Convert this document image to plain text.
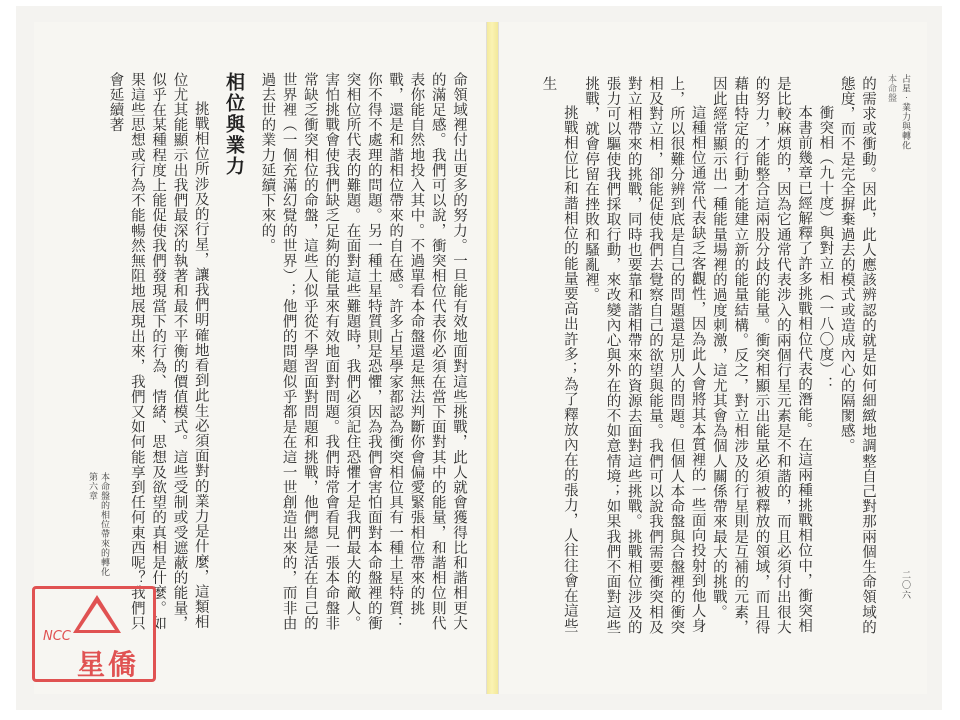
第六章 本命盤的相位帶來的轉化	命領域裡付出更多的努力。一旦能有效地面對這些挑戰，此人就會獲得比和諧相更大的滿足感。我們可以說，衝突相位代表你必須在當下面對其中的能量，和諧相位則代表你能自然地投入其中。不過單看本命盤還是無法判斷你會偏愛緊張相位帶來的挑戰，還是和諧相位帶來的自在感。許多占星學家都認為衝突相位具有一種土星特質：你不得不處理的問題。另一種土星特質則是恐懼，因為我們會害怕面對本命盤裡的衝突相位所代表的難題。在面對這些難題時，我們必須記住恐懼才是我們最大的敵人。害怕挑戰會使我們缺乏足夠的能量來有效地面對問題。我們時常會看見一張本命盤非常缺乏衝突相位的命盤，這些人似乎從不學習面對問題和挑戰，他們總是活在自己的世界裡（一個充滿幻覺的世界）；他們的問題似乎都是在這一世創造出來的，而非由過去世的業力延續下來的。

相位與業力

挑戰相位所涉及的行星，讓我們明確地看到此生必須面對的業力是什麼，這類相位尤其能顯示出我們最深的執著和最不平衡的價值模式。這些受制或受遮蔽的能量，似乎在某種程度上能促使我們發現當下的行為、情緒、思想及欲望的真相是什麼。如果這些思想或行為不能暢然無阻地展現出來，我們又如何能享到任何東西呢？我們只會延續著	占星‧業力與轉化
本命盤
二〇六

的需求或衝動。因此，此人應該辨認的就是如何細緻地調整自己對那兩個生命領域的態度，而不是完全摒棄過去的模式或造成內心的隔閡感。

衝突相（九十度）與對立相（一八〇度）：

本書前幾章已經解釋了許多挑戰相位代表的潛能。在這兩種挑戰相位中，衝突相是比較麻煩的，因為它通常代表涉入的兩個行星元素是不和諧的，而且必須付出很大的努力，才能整合這兩股分歧的能量。衝突相顯示出能量必須被釋放的領域，而且得藉由特定的行動才能建立新的能量結構。反之，對立相涉及的行星則是互補的元素，因此經常顯示出一種能量場裡的過度刺激，這尤其會為個人關係帶來最大的挑戰。

這種相位通常代表缺乏客觀性，因為此人會將其本質裡的一些面向投射到他人身上，所以很難分辨到底是自己的問題還是別人的問題。但個人本命盤與合盤裡的衝突相及對立相，卻能促使我們去覺察自己的欲望與能量。我們可以說我們需要衝突相及對立相帶來的挑戰，同時也要靠和諧相帶來的資源去面對這些挑戰。挑戰相位涉及的張力可以驅使我們採取行動，來改變內心與外在的不如意情境；如果我們不面對這些挑戰，就會停留在挫敗和騷亂裡。

挑戰相位比和諧相位的能量要高出許多；為了釋放內在的張力，人往往會在這些生

NCC
星僑
